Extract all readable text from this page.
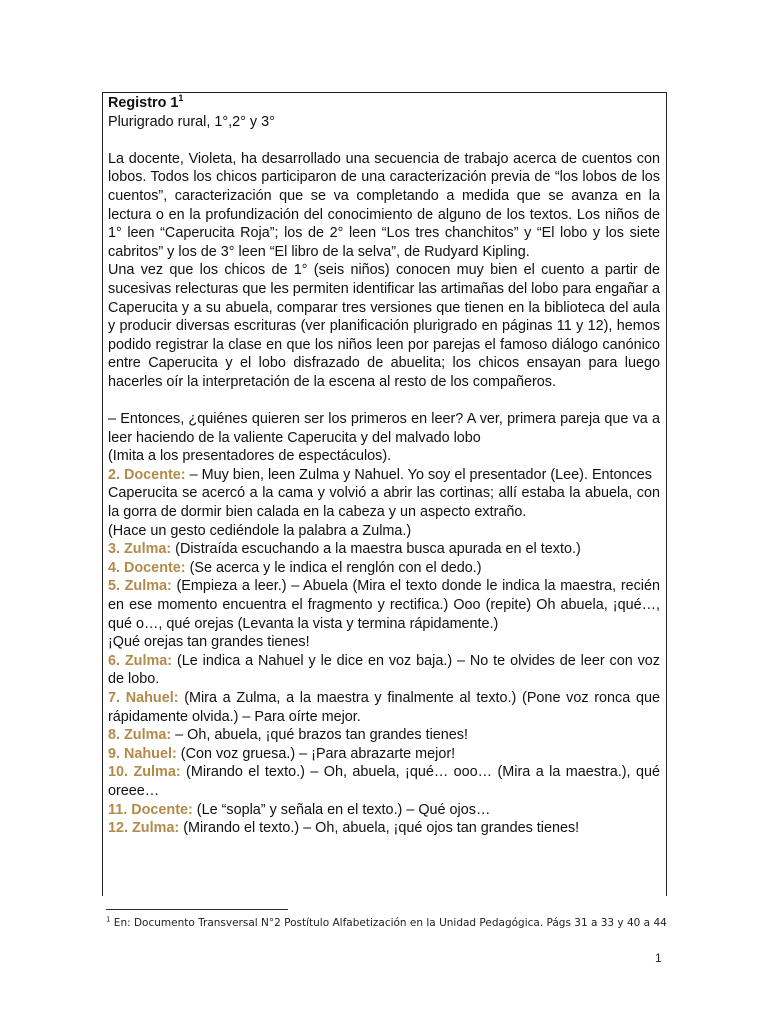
Registro $1^1$

Plurigrado rural, 1°,2° y 3°

La docente, Violeta, ha desarrollado una secuencia de trabajo acerca de cuentos con lobos. Todos los chicos participaron de una caracterización previa de “los lobos de los cuentos”, caracterización que se va completando a medida que se avanza en la lectura o en la profundización del conocimiento de alguno de los textos. Los niños de 1° leen “Caperucita Roja”; los de 2° leen “Los tres chanchitos” y “El lobo y los siete cabritos” y los de 3° leen “El libro de la selva”, de Rudyard Kipling.

Una vez que los chicos de 1° (seis niños) conocen muy bien el cuento a partir de sucesivas relecturas que les permiten identificar las artimañas del lobo para engañar a Caperucita y a su abuela, comparar tres versiones que tienen en la biblioteca del aula y producir diversas escrituras (ver planificación plurigrado en páginas 11 y 12), hemos podido registrar la clase en que los niños leen por parejas el famoso diálogo canónico entre Caperucita y el lobo disfrazado de abuelita; los chicos ensayan para luego hacerles oír la interpretación de la escena al resto de los compañeros.

– Entonces, ¿quiénes quieren ser los primeros en leer? A ver, primera pareja que va a leer haciendo de la valiente Caperucita y del malvado lobo

(Imita a los presentadores de espectáculos).

2. Docente: – Muy bien, leen Zulma y Nahuel. Yo soy el presentador (Lee). Entonces

Caperucita se acercó a la cama y volvió a abrir las cortinas; allí estaba la abuela, con la gorra de dormir bien calada en la cabeza y un aspecto extraño.

(Hace un gesto cediéndole la palabra a Zulma.)

3. Zulma: (Distraída escuchando a la maestra busca apurada en el texto.)

4. Docente: (Se acerca y le indica el renglón con el dedo.)

5. Zulma: (Empieza a leer.) – Abuela (Mira el texto donde le indica la maestra, recién en ese momento encuentra el fragmento y rectifica.) Ooo (repite) Oh abuela, ¡qué…, qué o…, qué orejas (Levanta la vista y termina rápidamente.)

¡Qué orejas tan grandes tienes!

6. Zulma: (Le indica a Nahuel y le dice en voz baja.) – No te olvides de leer con voz de lobo.

7. Nahuel: (Mira a Zulma, a la maestra y finalmente al texto.) (Pone voz ronca que rápidamente olvida.) – Para oírte mejor.

8. Zulma: – Oh, abuela, ¡qué brazos tan grandes tienes!

9. Nahuel: (Con voz gruesa.) – ¡Para abrazarte mejor!

10. Zulma: (Mirando el texto.) – Oh, abuela, ¡qué… ooo… (Mira a la maestra.), qué oreee…

11. Docente: (Le “sopla” y señala en el texto.) – Qué ojos…

12. Zulma: (Mirando el texto.) – Oh, abuela, ¡qué ojos tan grandes tienes!

$^1$ En: Documento Transversal N°2 Postítulo Alfabetización en la Unidad Pedagógica. Págs 31 a 33 y 40 a 44
1
